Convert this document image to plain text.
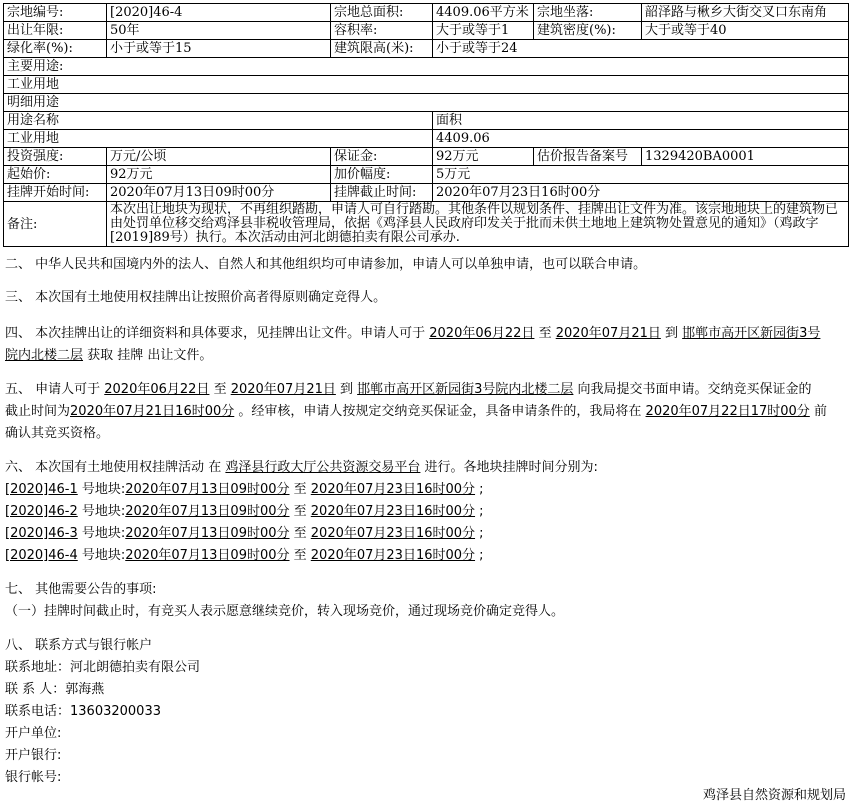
宗地编号:	[2020]46-4	宗地总面积:	4409.06平方米	宗地坐落:	韶泽路与楸乡大街交叉口东南角
出让年限:	50年	容积率:	大于或等于1	建筑密度(%):	大于或等于40
绿化率(%):	小于或等于15	建筑限高(米):	小于或等于24		
主要用途:					
工业用地					
明细用途					
用途名称			面积		
工业用地			4409.06		
投资强度:	万元/公顷	保证金:	92万元	估价报告备案号	1329420BA0001
起始价:	92万元	加价幅度:	5万元		
挂牌开始时间:	2020年07月13日09时00分	挂牌截止时间:	2020年07月23日16时00分		
备注:	本次出让地块为现状，不再组织踏勘，申请人可自行踏勘。其他条件以规划条件、挂牌出让文件为准。该宗地地块上的建筑物已由处罚单位移交给鸡泽县非税收管理局，依据《鸡泽县人民政府印发关于批而未供土地地上建筑物处置意见的通知》（鸡政字[2019]89号）执行。本次活动由河北朗德拍卖有限公司承办.				

二、 中华人民共和国境内外的法人、自然人和其他组织均可申请参加，申请人可以单独申请，也可以联合申请。

三、 本次国有土地使用权挂牌出让按照价高者得原则确定竞得人。

四、 本次挂牌出让的详细资料和具体要求，见挂牌出让文件。申请人可于 2020年06月22日 至 2020年07月21日 到 邯郸市高开区新园街3号

院内北楼二层 获取 挂牌 出让文件。

五、 申请人可于 2020年06月22日 至 2020年07月21日 到 邯郸市高开区新园街3号院内北楼二层 向我局提交书面申请。交纳竞买保证金的

截止时间为2020年07月21日16时00分 。经审核，申请人按规定交纳竞买保证金，具备申请条件的，我局将在 2020年07月22日17时00分 前

确认其竞买资格。

六、 本次国有土地使用权挂牌活动 在 鸡泽县行政大厅公共资源交易平台 进行。各地块挂牌时间分别为:

[2020]46-1 号地块:2020年07月13日09时00分 至 2020年07月23日16时00分 ;

[2020]46-2 号地块:2020年07月13日09时00分 至 2020年07月23日16时00分 ;

[2020]46-3 号地块:2020年07月13日09时00分 至 2020年07月23日16时00分 ;

[2020]46-4 号地块:2020年07月13日09时00分 至 2020年07月23日16时00分 ;

七、 其他需要公告的事项:

（一）挂牌时间截止时，有竞买人表示愿意继续竞价，转入现场竞价，通过现场竞价确定竞得人。

八、 联系方式与银行帐户

联系地址：河北朗德拍卖有限公司

联 系 人：郭海燕

联系电话：13603200033

开户单位:

开户银行:

银行帐号:

鸡泽县自然资源和规划局
